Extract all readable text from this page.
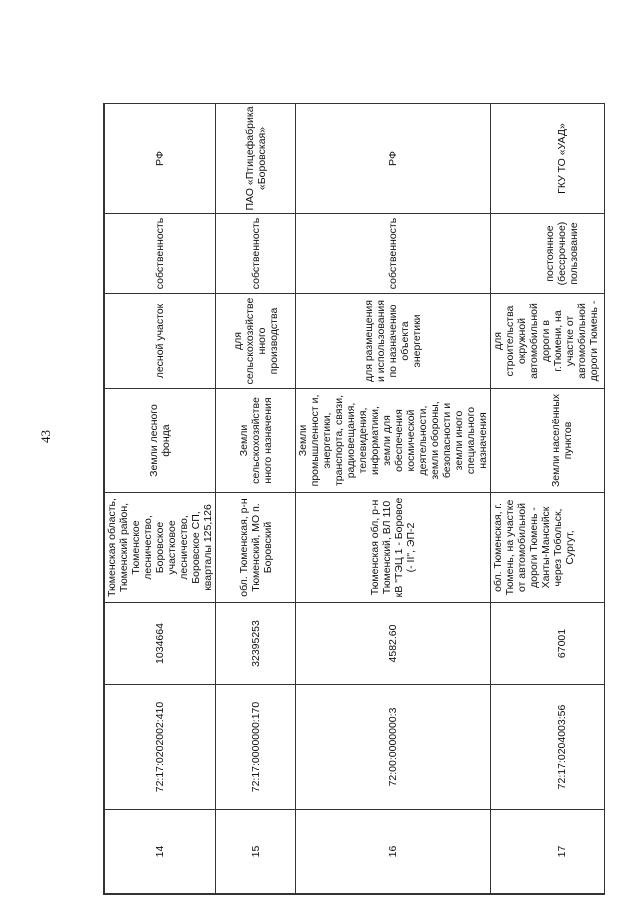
43
14	72:17:0202002:410	1034664	Тюменская область, Тюменский район, Тюменское лесничество, Боровское участковое лесничество, Боровское СП, кварталы 125,126	Земли лесного фонда	лесной участок	собственность	РФ
15	72:17:0000000:170	32395253	обл. Тюменская, р-н Тюменский, МО п. Боровский	Земли сельскохозяйстве нного назначения	для сельскохозяйстве нного производства	собственность	ПАО «Птицефабрика «Боровская»
16	72:00:0000000:3	4582.60	Тюменская обл, р-н Тюменский, ВЛ 110 кВ "ТЭЦ 1 - Боровое (- II", ЭП-2	Земли промышленност и, энергетики, транспорта, связи, радиовещания, телевидения, информатики, земли для обеспечения космической деятельности, земли обороны, безопасности и земли иного специального назначения	для размещения и использования по назначению объекта энергетики	собственность	РФ
17	72:17:0204003:56	67001	обл. Тюменская, г. Тюмень, на участке от автомобильной дороги Тюмень - Ханты-Мансийск через Тобольск, Сургут,	Земли населённых пунктов	для строительства окружной автомобильной дороги в г.Тюмени, на участке от автомобильной дороги Тюмень -	постоянное (бессрочное) пользование	ГКУ ТО «УАД»
